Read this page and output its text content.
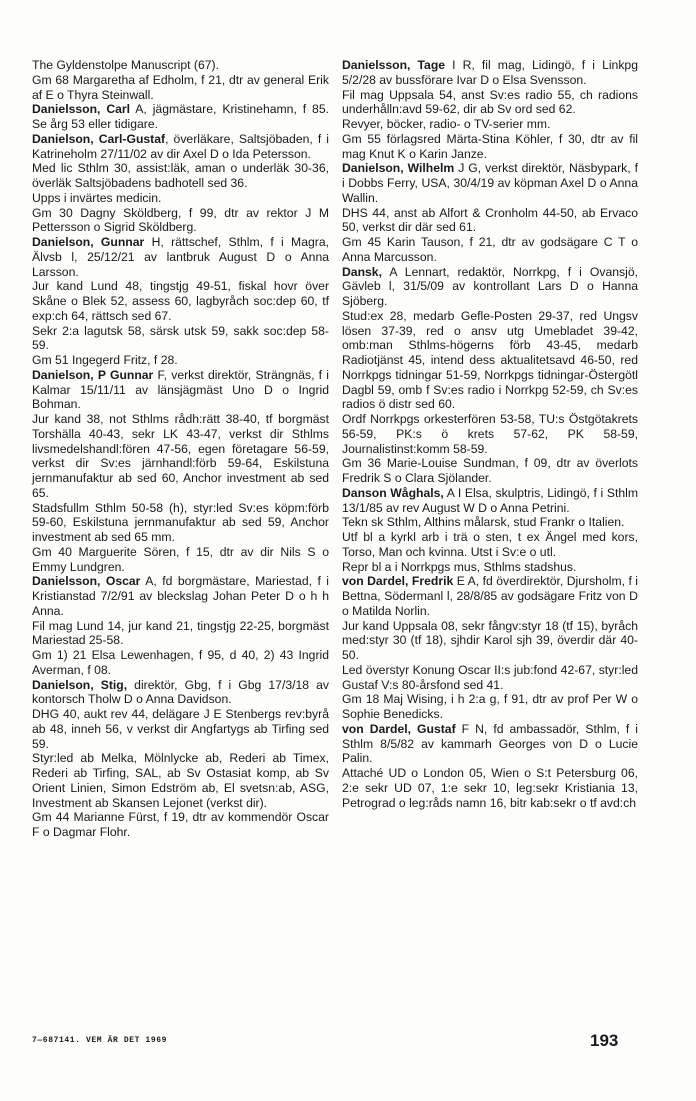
The Gyldenstolpe Manuscript (67).

Gm 68 Margaretha af Edholm, f 21, dtr av general Erik af E o Thyra Steinwall.

Danielsson, Carl A, jägmästare, Kristinehamn, f 85. Se årg 53 eller tidigare.

Danielson, Carl-Gustaf, överläkare, Saltsjöbaden, f i Katrineholm 27/11/02 av dir Axel D o Ida Petersson.

Med lic Sthlm 30, assist:läk, aman o underläk 30-36, överläk Saltsjöbadens badhotell sed 36.

Upps i invärtes medicin.

Gm 30 Dagny Sköldberg, f 99, dtr av rektor J M Pettersson o Sigrid Sköldberg.

Danielson, Gunnar H, rättschef, Sthlm, f i Magra, Älvsb l, 25/12/21 av lantbruk August D o Anna Larsson.

Jur kand Lund 48, tingstjg 49-51, fiskal hovr över Skåne o Blek 52, assess 60, lagbyråch soc:dep 60, tf exp:ch 64, rättsch sed 67.

Sekr 2:a lagutsk 58, särsk utsk 59, sakk soc:dep 58-59.

Gm 51 Ingegerd Fritz, f 28.

Danielson, P Gunnar F, verkst direktör, Strängnäs, f i Kalmar 15/11/11 av länsjägmäst Uno D o Ingrid Bohman.

Jur kand 38, not Sthlms rådh:rätt 38-40, tf borgmäst Torshälla 40-43, sekr LK 43-47, verkst dir Sthlms livsmedelshandl:fören 47-56, egen företagare 56-59, verkst dir Sv:es järnhandl:förb 59-64, Eskilstuna jernmanufaktur ab sed 60, Anchor investment ab sed 65.

Stadsfullm Sthlm 50-58 (h), styr:led Sv:es köpm:förb 59-60, Eskilstuna jernmanufaktur ab sed 59, Anchor investment ab sed 65 mm.

Gm 40 Marguerite Sören, f 15, dtr av dir Nils S o Emmy Lundgren.

Danielsson, Oscar A, fd borgmästare, Mariestad, f i Kristianstad 7/2/91 av bleckslag Johan Peter D o h h Anna.

Fil mag Lund 14, jur kand 21, tingstjg 22-25, borgmäst Mariestad 25-58.

Gm 1) 21 Elsa Lewenhagen, f 95, d 40, 2) 43 Ingrid Averman, f 08.

Danielson, Stig, direktör, Gbg, f i Gbg 17/3/18 av kontorsch Tholw D o Anna Davidson.

DHG 40, aukt rev 44, delägare J E Stenbergs rev:byrå ab 48, inneh 56, v verkst dir Angfartygs ab Tirfing sed 59.

Styr:led ab Melka, Mölnlycke ab, Rederi ab Timex, Rederi ab Tirfing, SAL, ab Sv Ostasiat komp, ab Sv Orient Linien, Simon Edström ab, El svetsn:ab, ASG, Investment ab Skansen Lejonet (verkst dir).

Gm 44 Marianne Fürst, f 19, dtr av kommendör Oscar F o Dagmar Flohr.

Danielsson, Tage I R, fil mag, Lidingö, f i Linkpg 5/2/28 av bussförare Ivar D o Elsa Svensson.

Fil mag Uppsala 54, anst Sv:es radio 55, ch radions underhålln:avd 59-62, dir ab Sv ord sed 62.

Revyer, böcker, radio- o TV-serier mm.

Gm 55 förlagsred Märta-Stina Köhler, f 30, dtr av fil mag Knut K o Karin Janze.

Danielson, Wilhelm J G, verkst direktör, Näsbypark, f i Dobbs Ferry, USA, 30/4/19 av köpman Axel D o Anna Wallin.

DHS 44, anst ab Alfort & Cronholm 44-50, ab Ervaco 50, verkst dir där sed 61.

Gm 45 Karin Tauson, f 21, dtr av godsägare C T o Anna Marcusson.

Dansk, A Lennart, redaktör, Norrkpg, f i Ovansjö, Gävleb l, 31/5/09 av kontrollant Lars D o Hanna Sjöberg.

Stud:ex 28, medarb Gefle-Posten 29-37, red Ungsv lösen 37-39, red o ansv utg Umebladet 39-42, omb:man Sthlms-högerns förb 43-45, medarb Radiotjänst 45, intend dess aktualitetsavd 46-50, red Norrkpgs tidningar 51-59, Norrkpgs tidningar-Östergötl Dagbl 59, omb f Sv:es radio i Norrkpg 52-59, ch Sv:es radios ö distr sed 60.

Ordf Norrkpgs orkesterfören 53-58, TU:s Östgötakrets 56-59, PK:s ö krets 57-62, PK 58-59, Journalistinst:komm 58-59.

Gm 36 Marie-Louise Sundman, f 09, dtr av överlots Fredrik S o Clara Sjölander.

Danson Wåghals, A I Elsa, skulptris, Lidingö, f i Sthlm 13/1/85 av rev August W D o Anna Petrini.

Tekn sk Sthlm, Althins målarsk, stud Frankr o Italien.

Utf bl a kyrkl arb i trä o sten, t ex Ängel med kors, Torso, Man och kvinna. Utst i Sv:e o utl.

Repr bl a i Norrkpgs mus, Sthlms stadshus.

von Dardel, Fredrik E A, fd överdirektör, Djursholm, f i Bettna, Södermanl l, 28/8/85 av godsägare Fritz von D o Matilda Norlin.

Jur kand Uppsala 08, sekr fångv:styr 18 (tf 15), byråch med:styr 30 (tf 18), sjhdir Karol sjh 39, överdir där 40-50.

Led överstyr Konung Oscar II:s jub:fond 42-67, styr:led Gustaf V:s 80-årsfond sed 41.

Gm 18 Maj Wising, i h 2:a g, f 91, dtr av prof Per W o Sophie Benedicks.

von Dardel, Gustaf F N, fd ambassadör, Sthlm, f i Sthlm 8/5/82 av kammarh Georges von D o Lucie Palin.

Attaché UD o London 05, Wien o S:t Petersburg 06, 2:e sekr UD 07, 1:e sekr 10, leg:sekr Kristiania 13, Petrograd o leg:råds namn 16, bitr kab:sekr o tf avd:ch

7—687141. VEM ÄR DET 1969	193
